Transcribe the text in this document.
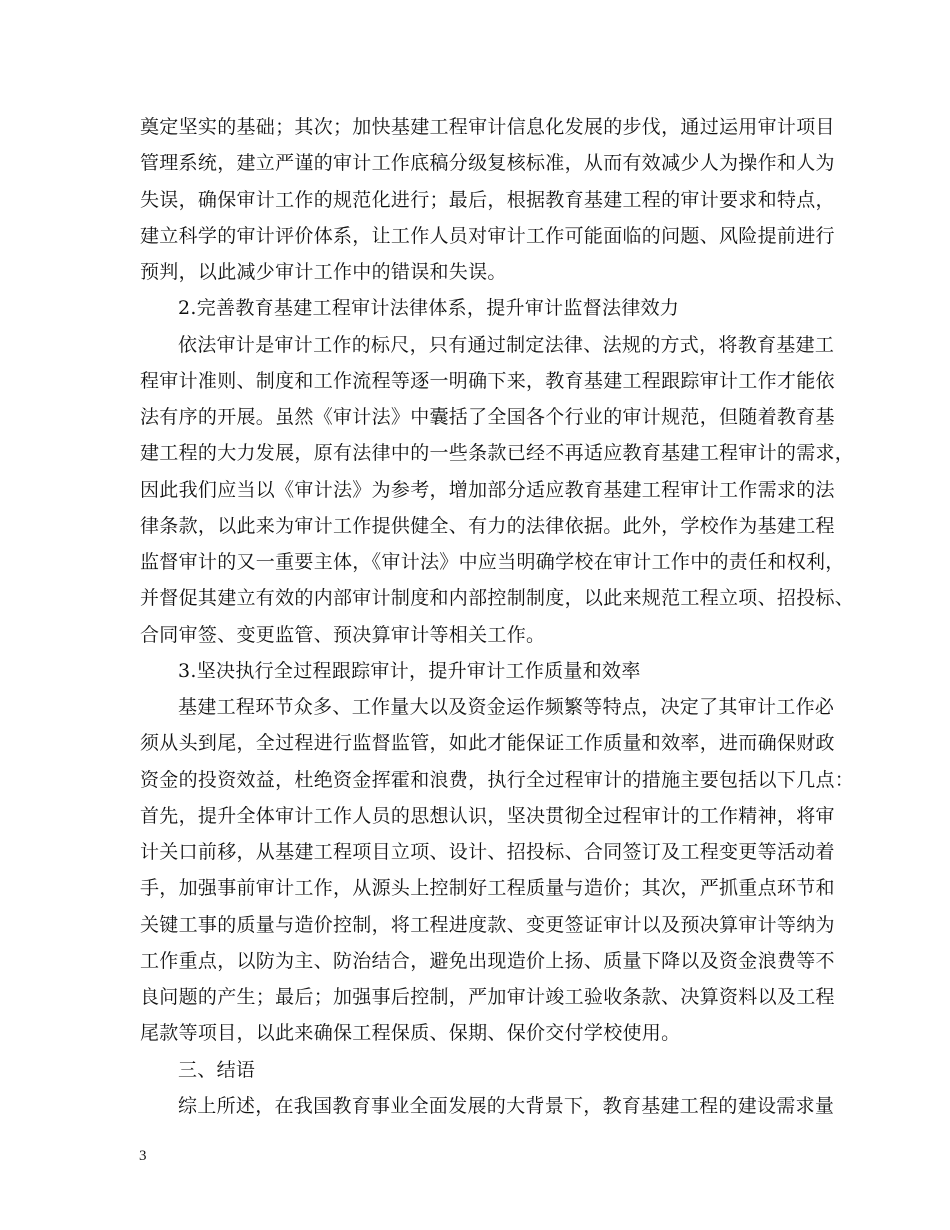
奠定坚实的基础；其次；加快基建工程审计信息化发展的步伐，通过运用审计项目
管理系统，建立严谨的审计工作底稿分级复核标准，从而有效减少人为操作和人为
失误，确保审计工作的规范化进行；最后，根据教育基建工程的审计要求和特点，
建立科学的审计评价体系，让工作人员对审计工作可能面临的问题、风险提前进行
预判，以此减少审计工作中的错误和失误。
2.完善教育基建工程审计法律体系，提升审计监督法律效力
依法审计是审计工作的标尺，只有通过制定法律、法规的方式，将教育基建工
程审计准则、制度和工作流程等逐一明确下来，教育基建工程跟踪审计工作才能依
法有序的开展。虽然《审计法》中囊括了全国各个行业的审计规范，但随着教育基
建工程的大力发展，原有法律中的一些条款已经不再适应教育基建工程审计的需求，
因此我们应当以《审计法》为参考，增加部分适应教育基建工程审计工作需求的法
律条款，以此来为审计工作提供健全、有力的法律依据。此外，学校作为基建工程
监督审计的又一重要主体，《审计法》中应当明确学校在审计工作中的责任和权利，
并督促其建立有效的内部审计制度和内部控制制度，以此来规范工程立项、招投标、
合同审签、变更监管、预决算审计等相关工作。
3.坚决执行全过程跟踪审计，提升审计工作质量和效率
基建工程环节众多、工作量大以及资金运作频繁等特点，决定了其审计工作必
须从头到尾，全过程进行监督监管，如此才能保证工作质量和效率，进而确保财政
资金的投资效益，杜绝资金挥霍和浪费，执行全过程审计的措施主要包括以下几点：
首先，提升全体审计工作人员的思想认识，坚决贯彻全过程审计的工作精神，将审
计关口前移，从基建工程项目立项、设计、招投标、合同签订及工程变更等活动着
手，加强事前审计工作，从源头上控制好工程质量与造价；其次，严抓重点环节和
关键工事的质量与造价控制，将工程进度款、变更签证审计以及预决算审计等纳为
工作重点，以防为主、防治结合，避免出现造价上扬、质量下降以及资金浪费等不
良问题的产生；最后；加强事后控制，严加审计竣工验收条款、决算资料以及工程
尾款等项目，以此来确保工程保质、保期、保价交付学校使用。
三、结语
综上所述，在我国教育事业全面发展的大背景下，教育基建工程的建设需求量
3
